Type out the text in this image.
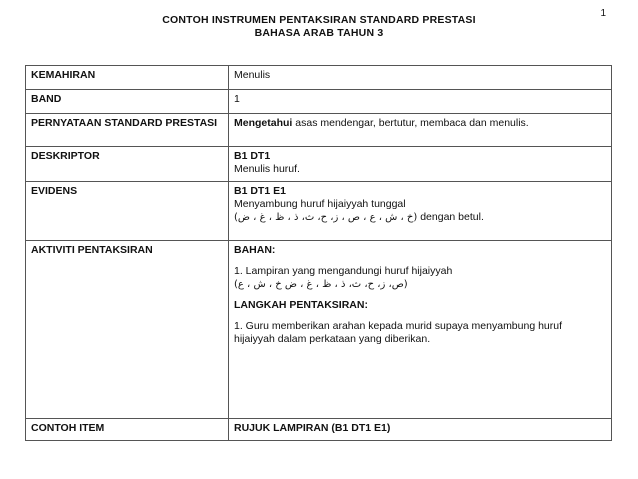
1
CONTOH INSTRUMEN PENTAKSIRAN STANDARD PRESTASI
BAHASA ARAB TAHUN 3
KEMAHIRAN	Menulis
BAND	1
PERNYATAAN STANDARD PRESTASI	Mengetahui asas mendengar, bertutur, membaca dan menulis.
DESKRIPTOR	B1 DT1
Menulis huruf.

EVIDENS	B1 DT1 E1
Menyambung huruf hijaiyyah tunggal
(خ ، ش ، ع ، ص ، ز، ح، ث، ذ ، ظ ، غ ، ض) dengan betul.

AKTIVITI PENTAKSIRAN	BAHAN:
1. Lampiran yang mengandungi huruf hijaiyyah
(ص، ز، ح، ث، ذ ، ظ ، غ ، ض خ ، ش ، ع)
LANGKAH PENTAKSIRAN:
1. Guru memberikan arahan kepada murid supaya menyambung huruf hijaiyyah dalam perkataan yang diberikan.

CONTOH ITEM	RUJUK LAMPIRAN (B1 DT1 E1)
